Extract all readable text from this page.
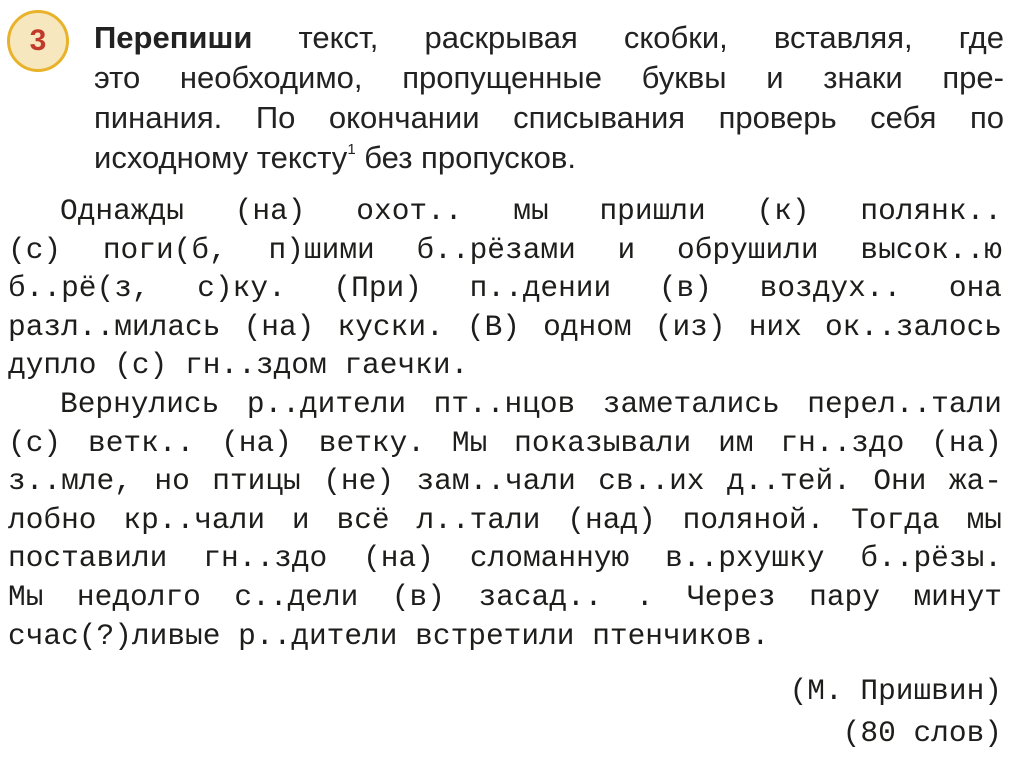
3 Перепиши текст, раскрывая скобки, вставляя, где
это необходимо, пропущенные буквы и знаки пре-
пинания. По окончании списывания проверь себя по
исходному тексту$^1$ без пропусков.
Однажды (на) охот.. мы пришли (к) полянк..
(с) поги(б, п)шими б..рёзами и обрушили высок..ю
б..рё(з, с)ку. (При) п..дении (в) воздух.. она
разл..милась (на) куски. (В) одном (из) них ок..залось
дупло (с) гн..здом гаечки.
Вернулись р..дители пт..нцов заметались перел..тали
(с) ветк.. (на) ветку. Мы показывали им гн..здо (на)
з..мле, но птицы (не) зам..чали св..их д..тей. Они жа-
лобно кр..чали и всё л..тали (над) поляной. Тогда мы
поставили гн..здо (на) сломанную в..рхушку б..рёзы.
Мы недолго с..дели (в) засад.. . Через пару минут
счас(?)ливые р..дители встретили птенчиков.
(М. Пришвин)
(80 слов)
